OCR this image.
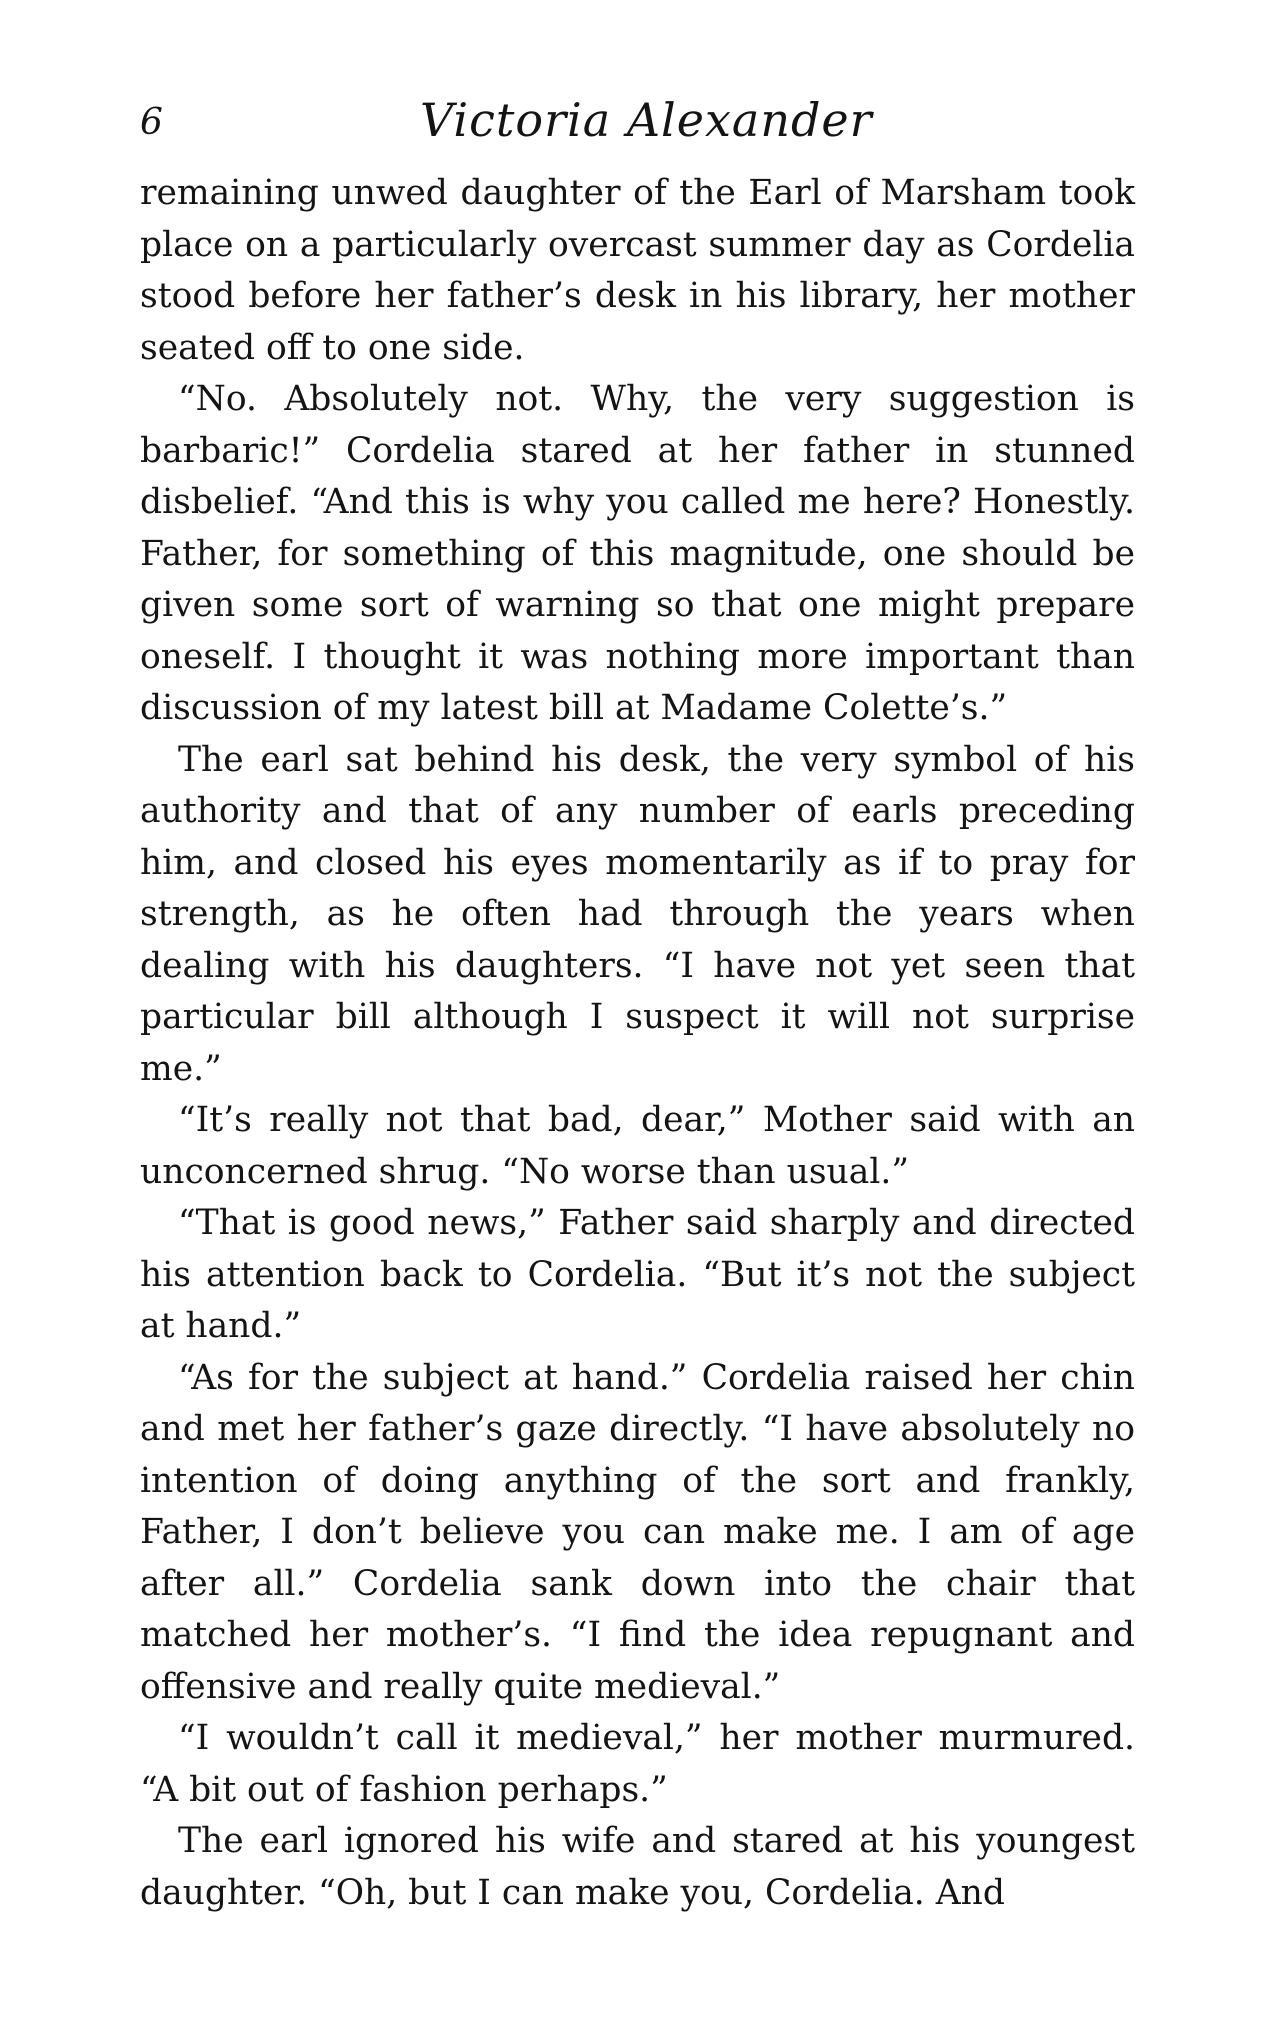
6	Victoria Alexander

remaining unwed daughter of the Earl of Marsham took place on a particularly overcast summer day as Cordelia stood before her father’s desk in his library, her mother seated off to one side.

“No. Absolutely not. Why, the very suggestion is barbaric!” Cordelia stared at her father in stunned disbelief. “And this is why you called me here? Honestly. Father, for something of this magnitude, one should be given some sort of warning so that one might prepare oneself. I thought it was nothing more important than discussion of my latest bill at Madame Colette’s.”

The earl sat behind his desk, the very symbol of his authority and that of any number of earls preceding him, and closed his eyes momentarily as if to pray for strength, as he often had through the years when dealing with his daughters. “I have not yet seen that particular bill although I suspect it will not surprise me.”

“It’s really not that bad, dear,” Mother said with an unconcerned shrug. “No worse than usual.”

“That is good news,” Father said sharply and directed his attention back to Cordelia. “But it’s not the subject at hand.”

“As for the subject at hand.” Cordelia raised her chin and met her father’s gaze directly. “I have absolutely no intention of doing anything of the sort and frankly, Father, I don’t believe you can make me. I am of age after all.” Cordelia sank down into the chair that matched her mother’s. “I find the idea repugnant and offensive and really quite medieval.”

“I wouldn’t call it medieval,” her mother murmured. “A bit out of fashion perhaps.”

The earl ignored his wife and stared at his youngest daughter. “Oh, but I can make you, Cordelia. And
